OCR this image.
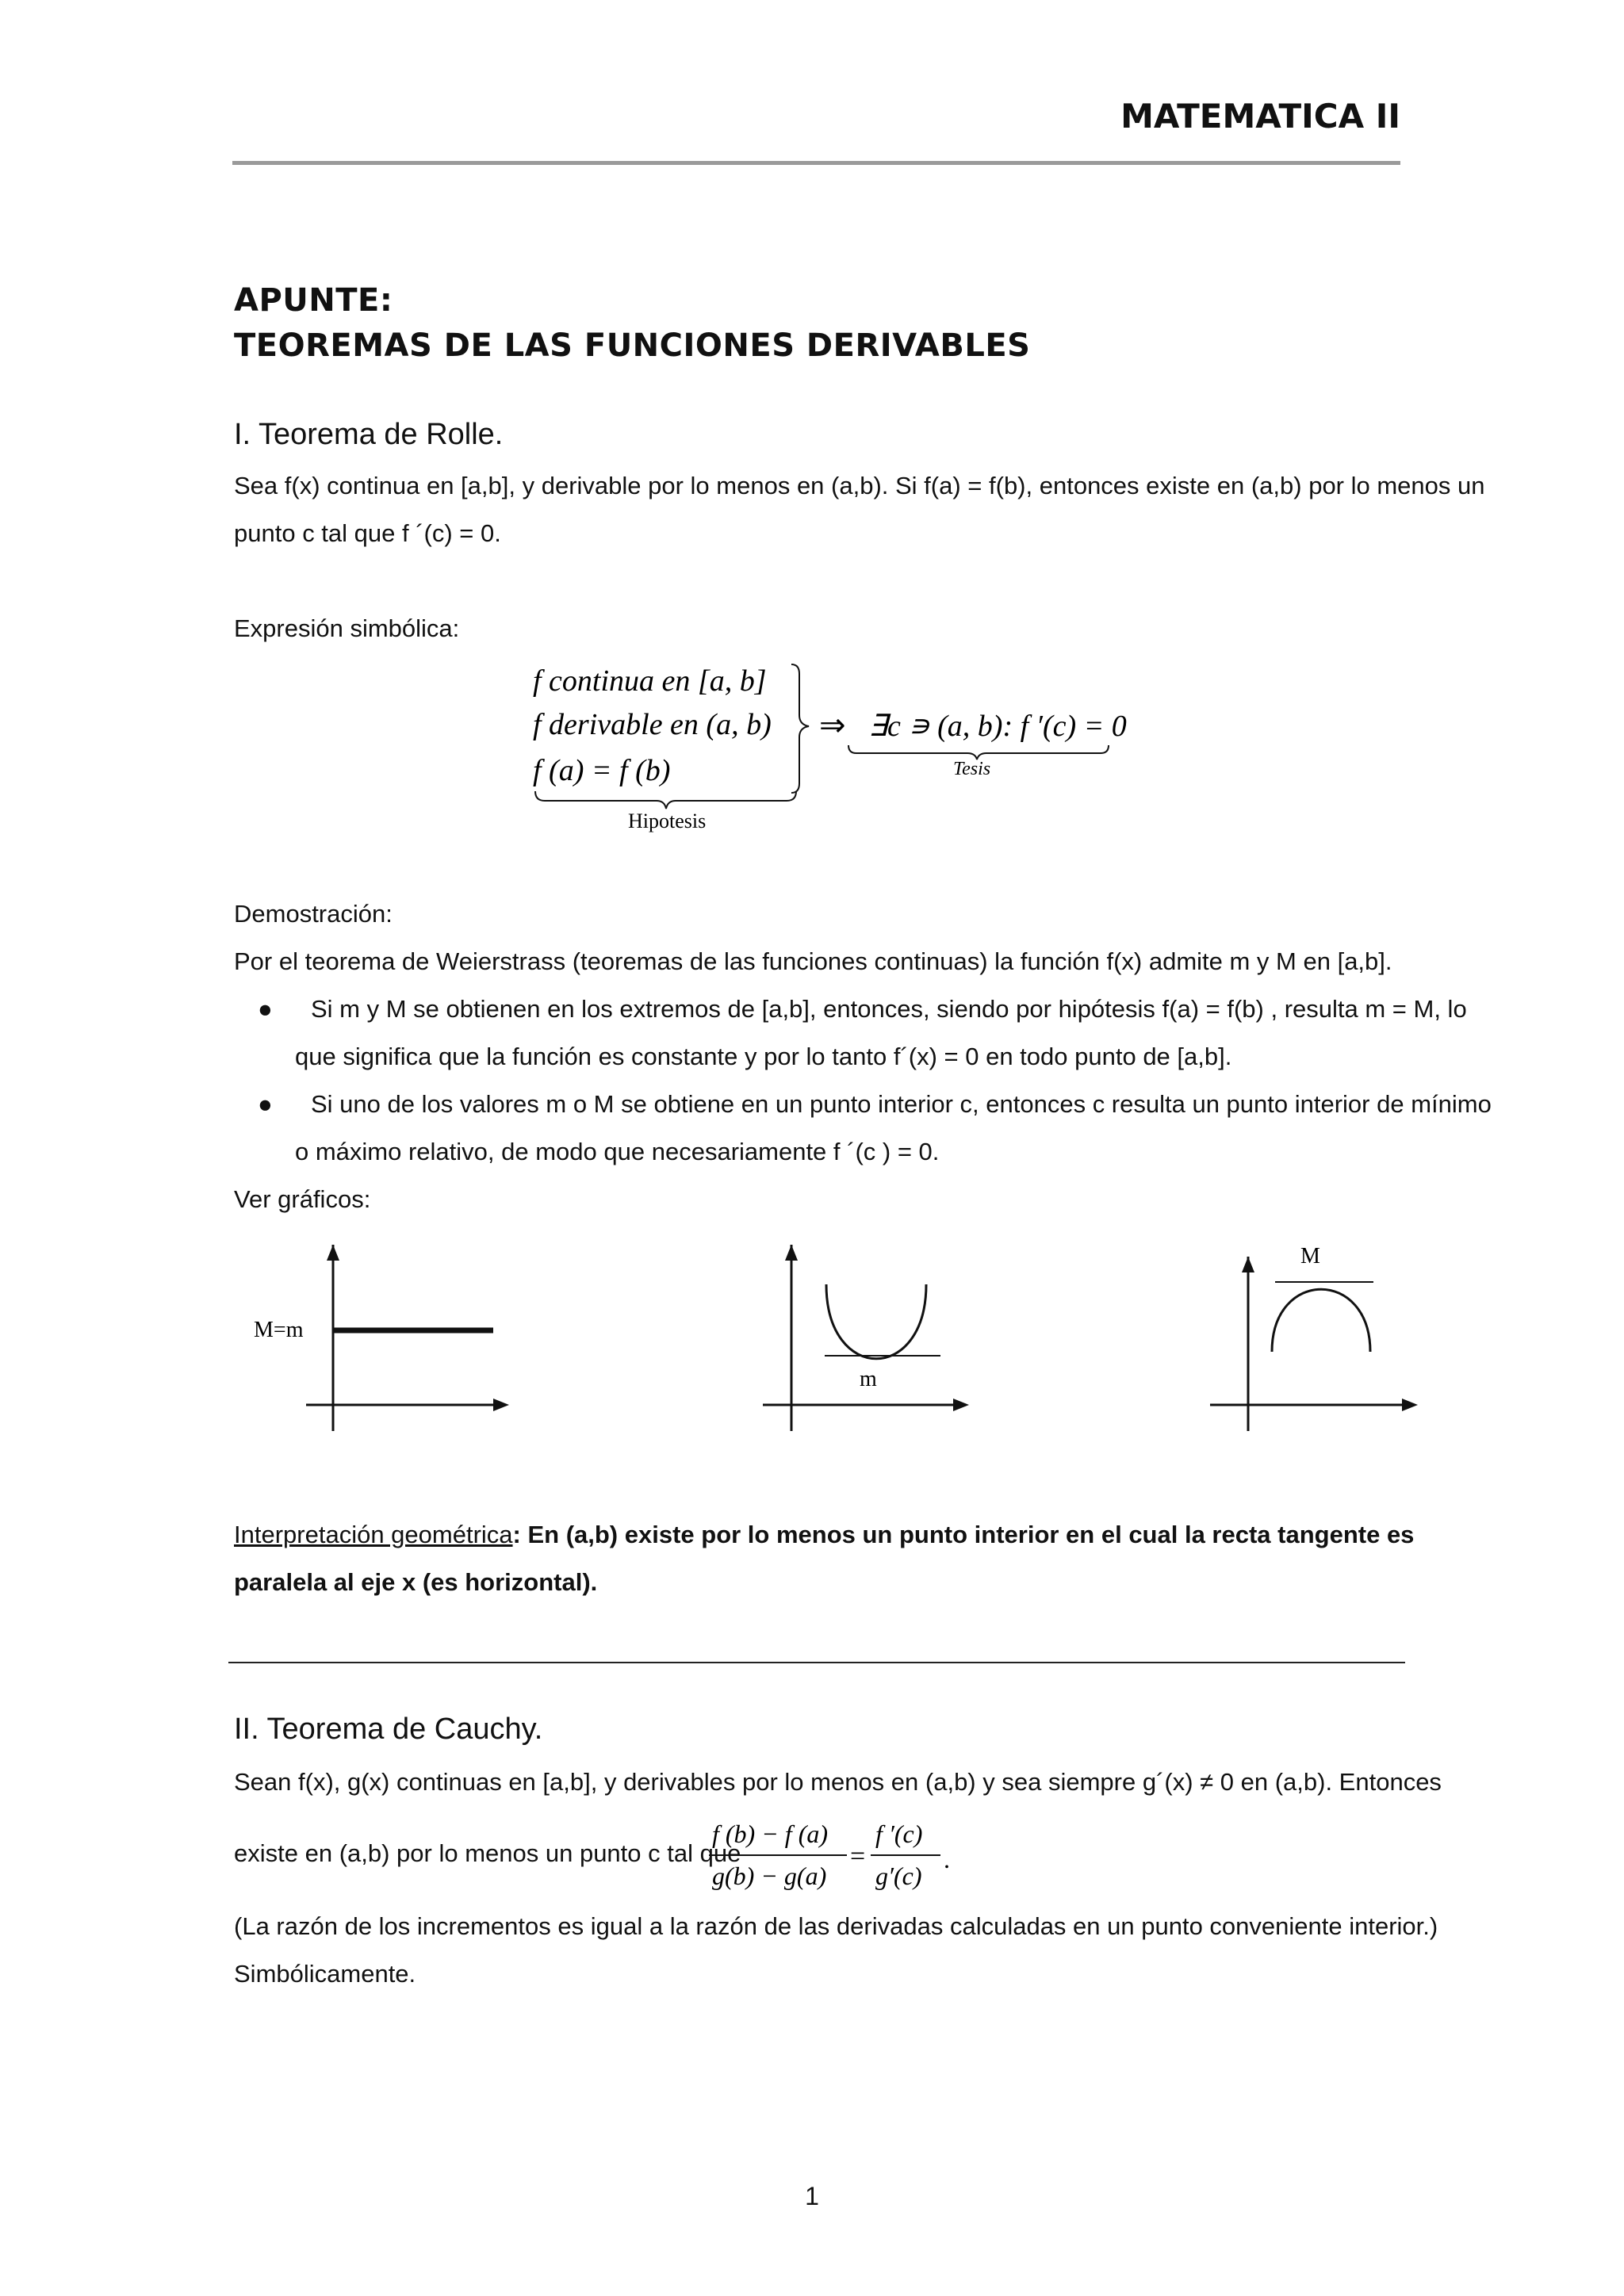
MATEMATICA II
APUNTE:
TEOREMAS DE LAS FUNCIONES DERIVABLES
I. Teorema de Rolle.
Sea f(x) continua en [a,b], y derivable por lo menos en (a,b). Si f(a) = f(b), entonces existe en (a,b) por lo menos un
punto c tal que f ´(c) = 0.
Expresión simbólica:
f continua en [a, b]
f derivable en (a, b)
f (a) = f (b)
⇒ ∃c ∍ (a, b): f ′(c) = 0
Tesis
Hipotesis
Demostración:
Por el teorema de Weierstrass (teoremas de las funciones continuas) la función f(x) admite m y M en [a,b].
● Si m y M se obtienen en los extremos de [a,b], entonces, siendo por hipótesis f(a) = f(b) , resulta m = M, lo
que significa que la función es constante y por lo tanto f´(x) = 0 en todo punto de [a,b].
● Si uno de los valores m o M se obtiene en un punto interior c, entonces c resulta un punto interior de mínimo
o máximo relativo, de modo que necesariamente f ´(c ) = 0.
Ver gráficos:
M=m
m
M
Interpretación geométrica: En (a,b) existe por lo menos un punto interior en el cual la recta tangente es
paralela al eje x (es horizontal).
II. Teorema de Cauchy.
Sean f(x), g(x) continuas en [a,b], y derivables por lo menos en (a,b) y sea siempre g´(x) ≠ 0 en (a,b). Entonces
existe en (a,b) por lo menos un punto c tal que
f (b) − f (a)
g(b) − g(a)
=
f ′(c)
g′(c)
.
(La razón de los incrementos es igual a la razón de las derivadas calculadas en un punto conveniente interior.)
Simbólicamente.
1
